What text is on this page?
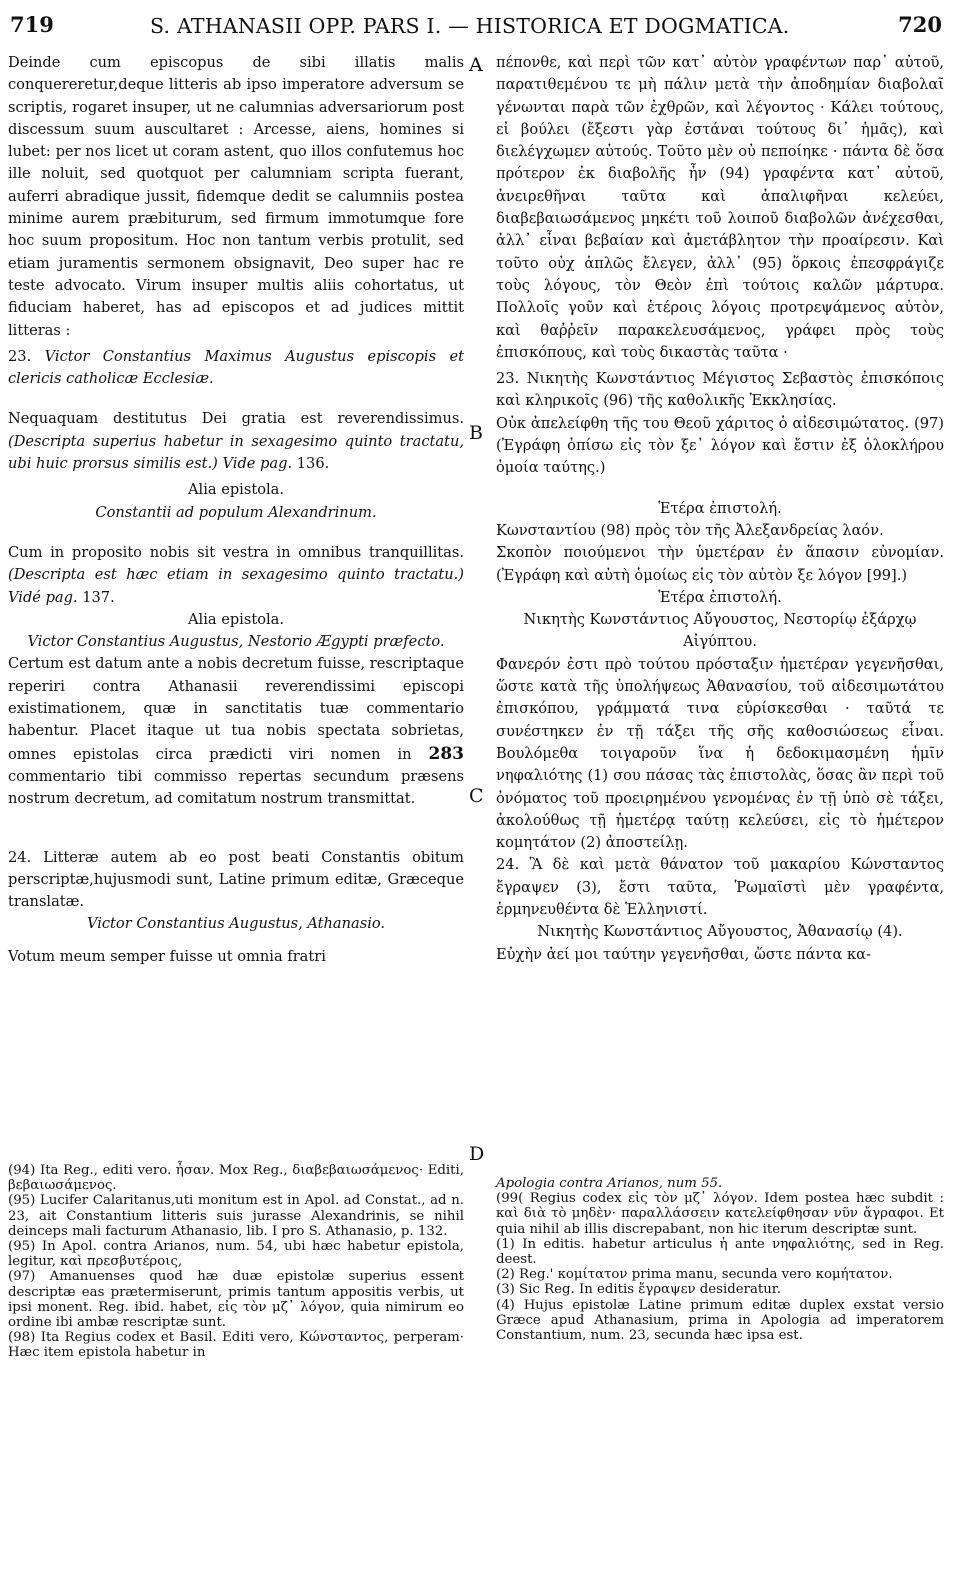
719	S. ATHANASII OPP. PARS I. — HISTORICA ET DOGMATICA.	720
A
B
C
D

Deinde cum episcopus de sibi illatis malis conquereretur,deque litteris ab ipso imperatore adversum se scriptis, rogaret insuper, ut ne calumnias adversariorum post discessum suum auscultaret : Arcesse, aiens, homines si lubet: per nos licet ut coram astent, quo illos confutemus hoc ille noluit, sed quotquot per calumniam scripta fuerant, auferri abradique jussit, fidemque dedit se calumniis postea minime aurem præbiturum, sed firmum immotumque fore hoc suum propositum. Hoc non tantum verbis protulit, sed etiam juramentis sermonem obsignavit, Deo super hac re teste advocato. Virum insuper multis aliis cohortatus, ut fiduciam haberet, has ad episcopos et ad judices mittit litteras :

23. Victor Constantius Maximus Augustus episcopis et clericis catholicæ Ecclesiæ.

Nequaquam destitutus Dei gratia est reverendissimus. (Descripta superius habetur in sexagesimo quinto tractatu, ubi huic prorsus similis est.) Vide pag. 136.

Alia epistola.

Constantii ad populum Alexandrinum.

Cum in proposito nobis sit vestra in omnibus tranquillitas. (Descripta est hæc etiam in sexagesimo quinto tractatu.) Vidé pag. 137.

Alia epistola.

Victor Constantius Augustus, Nestorio Ægypti præfecto.

Certum est datum ante a nobis decretum fuisse, rescriptaque reperiri contra Athanasii reverendissimi episcopi existimationem, quæ in sanctitatis tuæ commentario habentur. Placet itaque ut tua nobis spectata sobrietas, omnes epistolas circa prædicti viri nomen in 283 commentario tibi commisso repertas secundum præsens nostrum decretum, ad comitatum nostrum transmittat.

24. Litteræ autem ab eo post beati Constantis obitum perscriptæ,hujusmodi sunt, Latine primum editæ, Græceque translatæ.

Victor Constantius Augustus, Athanasio.

Votum meum semper fuisse ut omnia fratri

πέπονθε, καὶ περὶ τῶν κατ᾽ αὐτὸν γραφέντων παρ᾽ αὐτοῦ, παρατιθεμένου τε μὴ πάλιν μετὰ τὴν ἀποδημίαν διαβολαῖ γένωνται παρὰ τῶν ἐχθρῶν, καὶ λέγοντος · Κάλει τούτους, εἰ βούλει (ἔξεστι γὰρ ἐστάναι τούτους δι᾽ ἡμᾶς), καὶ διελέγχωμεν αὐτούς. Τοῦτο μὲν οὐ πεποίηκε · πάντα δὲ ὅσα πρότερον ἐκ διαβολῆς ἦν (94) γραφέντα κατ᾽ αὐτοῦ, ἀνειρεθῆναι ταῦτα καὶ ἀπαλιφῆναι κελεύει, διαβεβαιωσάμενος μηκέτι τοῦ λοιποῦ διαβολῶν ἀνέχεσθαι, ἀλλ᾽ εἶναι βεβαίαν καὶ ἀμετάβλητον τὴν προαίρεσιν. Καὶ τοῦτο οὐχ ἁπλῶς ἔλεγεν, ἀλλ᾽ (95) ὅρκοις ἐπεσφράγιζε τοὺς λόγους, τὸν Θεὸν ἐπὶ τούτοις καλῶν μάρτυρα. Πολλοῖς γοῦν καὶ ἑτέροις λόγοις προτρεψάμενος αὐτὸν, καὶ θαῤῥεῖν παρακελευσάμενος, γράφει πρὸς τοὺς ἐπισκόπους, καὶ τοὺς δικαστὰς ταῦτα ·

23. Νικητὴς Κωνστάντιος Μέγιστος Σεβαστὸς ἐπισκόποις καὶ κληρικοῖς (96) τῆς καθολικῆς Ἐκκλησίας.

Οὐκ ἀπελείφθη τῆς του Θεοῦ χάριτος ὁ αἰδεσιμώτατος. (97) (Ἐγράφη ὀπίσω εἰς τὸν ξε᾽ λόγον καὶ ἔστιν ἐξ ὁλοκλήρου ὁμοία ταύτης.)

Ἑτέρα ἐπιστολή.

Κωνσταντίου (98) πρὸς τὸν τῆς Ἀλεξανδρείας λαόν.

Σκοπὸν ποιούμενοι τὴν ὑμετέραν ἐν ἅπασιν εὐνομίαν. (Ἐγράφη καὶ αὐτὴ ὁμοίως εἰς τὸν αὐτὸν ξε λόγον [99].)

Ἑτέρα ἐπιστολή.

Νικητὴς Κωνστάντιος Αὔγουστος, Νεστορίῳ ἐξάρχῳ Αἰγύπτου.

Φανερόν ἐστι πρὸ τούτου πρόσταξιν ἡμετέραν γεγενῆσθαι, ὥστε κατὰ τῆς ὑπολήψεως Ἀθανασίου, τοῦ αἰδεσιμωτάτου ἐπισκόπου, γράμματά τινα εὑρίσκεσθαι · ταῦτά τε συνέστηκεν ἐν τῇ τάξει τῆς σῆς καθοσιώσεως εἶναι. Βουλόμεθα τοιγαροῦν ἵνα ἡ δεδοκιμασμένη ἡμῖν νηφαλιότης (1) σου πάσας τὰς ἐπιστολὰς, ὅσας ἂν περὶ τοῦ ὀνόματος τοῦ προειρημένου γενομένας ἐν τῇ ὑπὸ σὲ τάξει, ἀκολούθως τῇ ἡμετέρᾳ ταύτῃ κελεύσει, εἰς τὸ ἡμέτερον κομητάτον (2) ἀποστείλῃ.

24. Ἃ δὲ καὶ μετὰ θάνατον τοῦ μακαρίου Κώνσταντος ἔγραψεν (3), ἔστι ταῦτα, Ῥωμαϊστὶ μὲν γραφέντα, ἑρμηνευθέντα δὲ Ἑλληνιστί.

Νικητὴς Κωνστάντιος Αὔγουστος, Ἀθανασίῳ (4).

Εὐχὴν ἀεί μοι ταύτην γεγενῆσθαι, ὥστε πάντα κα-

(94) Ita Reg., editi vero. ἦσαν. Mox Reg., διαβεβαιωσάμενος· Editi, βεβαιωσάμενος.

(95) Lucifer Calaritanus,uti monitum est in Apol. ad Constat., ad n. 23, ait Constantium litteris suis jurasse Alexandrinis, se nihil deinceps mali facturum Athanasio, lib. I pro S. Athanasio, p. 132.

(95) In Apol. contra Arianos, num. 54, ubi hæc habetur epistola, legitur, καὶ πρεσβυτέροις,

(97) Amanuenses quod hæ duæ epistolæ superius essent descriptæ eas prætermiserunt, primis tantum appositis verbis, ut ipsi monent. Reg. ibid. habet, εἰς τὸν μζ᾽ λόγον, quia nimirum eo ordine ibi ambæ rescriptæ sunt.

(98) Ita Regius codex et Basil. Editi vero, Κώνσταντος, perperam· Hæc item epistola habetur in

Apologia contra Arianos, num 55.

(99( Regius codex εἰς τὸν μζ᾽ λόγον. Idem postea hæc subdit : καὶ διὰ τὸ μηδὲν· παραλλάσσειν κατελείφθησαν νῦν ἄγραφοι. Et quia nihil ab illis discrepabant, non hic iterum descriptæ sunt.

(1) In editis. habetur articulus ἡ ante νηφαλιότης, sed in Reg. deest.

(2) Reg.' κομίτατον prima manu, secunda vero κομήτατον.

(3) Sic Reg. In editis ἔγραψεν desideratur.

(4) Hujus epistolæ Latine primum editæ duplex exstat versio Græce apud Athanasium, prima in Apologia ad imperatorem Constantium, num. 23, secunda hæc ipsa est.
